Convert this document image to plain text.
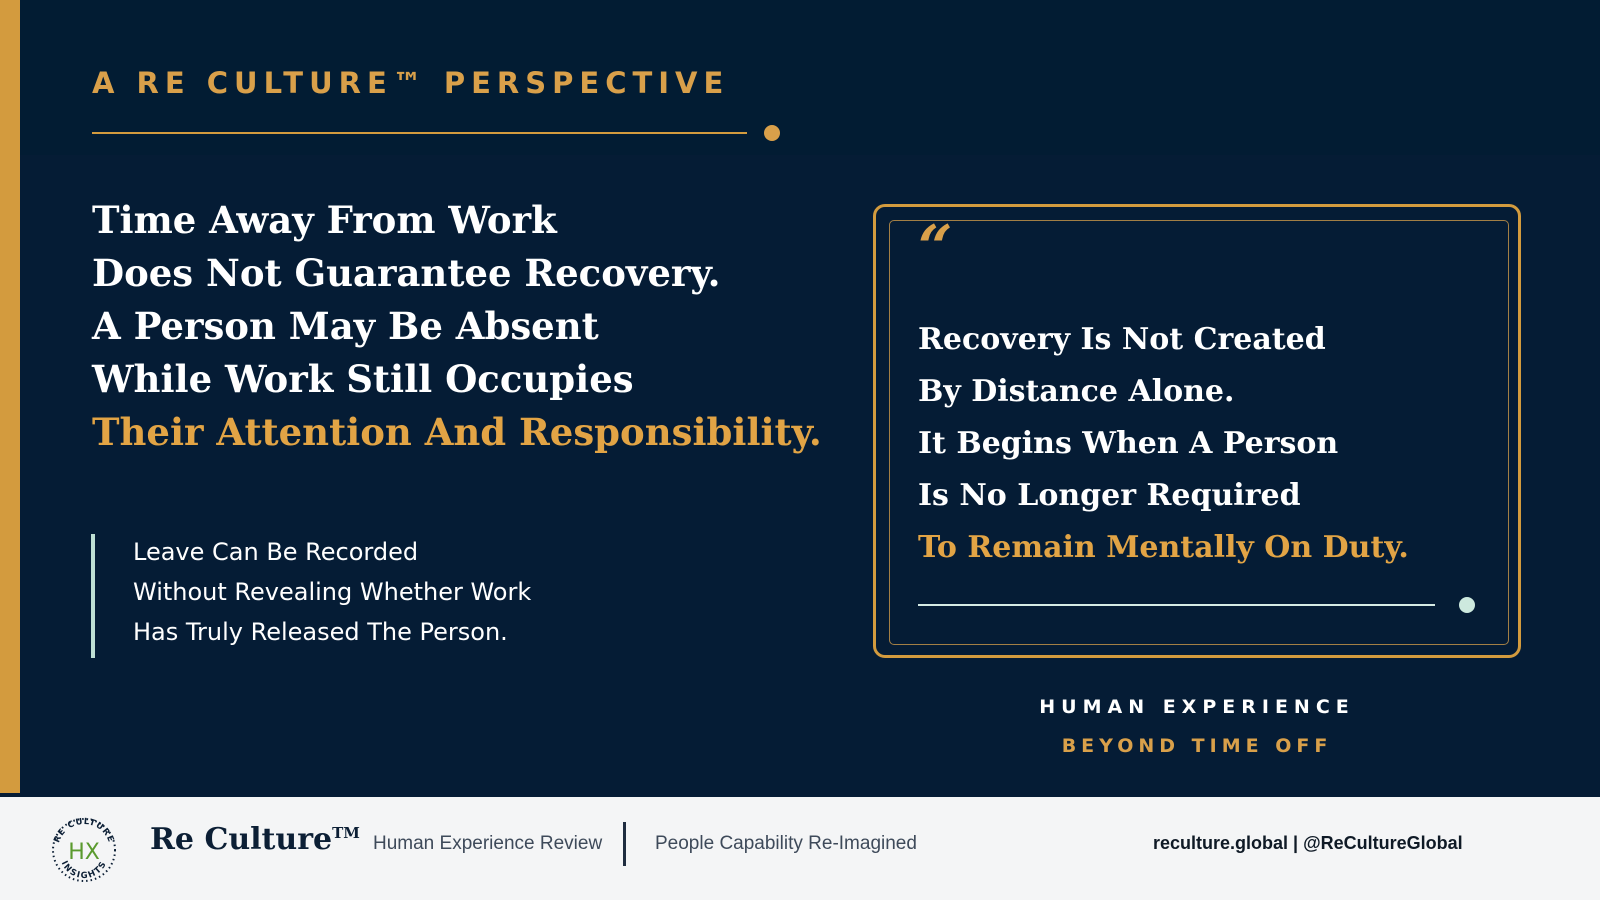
A RE CULTURE™ PERSPECTIVE
Time Away From Work
Does Not Guarantee Recovery.
A Person May Be Absent
While Work Still Occupies
Their Attention And Responsibility.
Leave Can Be Recorded
Without Revealing Whether Work
Has Truly Released The Person.
“
Recovery Is Not Created
By Distance Alone.
It Begins When A Person
Is No Longer Required
To Remain Mentally On Duty.
HUMAN EXPERIENCE
BEYOND TIME OFF
RE CULTURE
INSIGHTS
HX Re Culture™ Human Experience Review	People Capability Re-Imagined	reculture.global | @ReCultureGlobal
